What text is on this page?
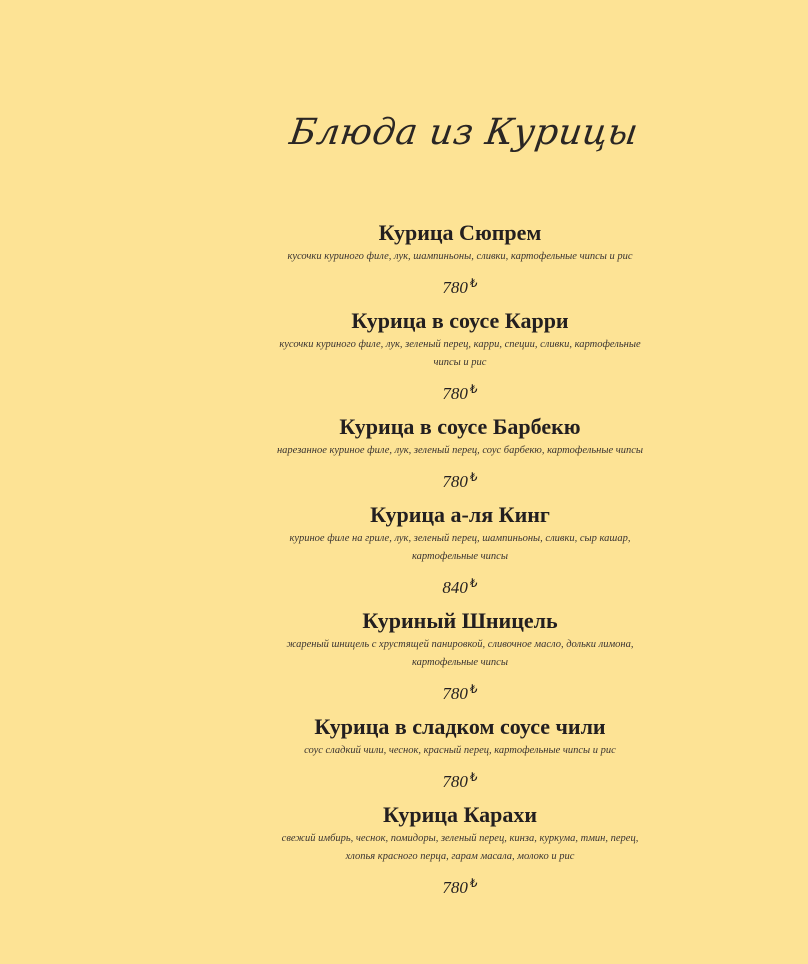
Блюда из Курицы
Курица Сюпрем
кусочки куриного филе, лук, шампиньоны, сливки, картофельные чипсы и рис
780 ₺
Курица в соусе Карри
кусочки куриного филе, лук, зеленый перец, карри, специи, сливки, картофельные чипсы и рис
780 ₺
Курица в соусе Барбекю
нарезанное куриное филе, лук, зеленый перец, соус барбекю, картофельные чипсы
780 ₺
Курица а-ля Кинг
куриное филе на гриле, лук, зеленый перец, шампиньоны, сливки, сыр кашар, картофельные чипсы
840 ₺
Куриный Шницель
жареный шницель с хрустящей панировкой, сливочное масло, дольки лимона, картофельные чипсы
780 ₺
Курица в сладком соусе чили
соус сладкий чили, чеснок, красный перец, картофельные чипсы и рис
780 ₺
Курица Карахи
свежий имбирь, чеснок, помидоры, зеленый перец, кинза, куркума, тмин, перец, хлопья красного перца, гарам масала, молоко и рис
780 ₺
